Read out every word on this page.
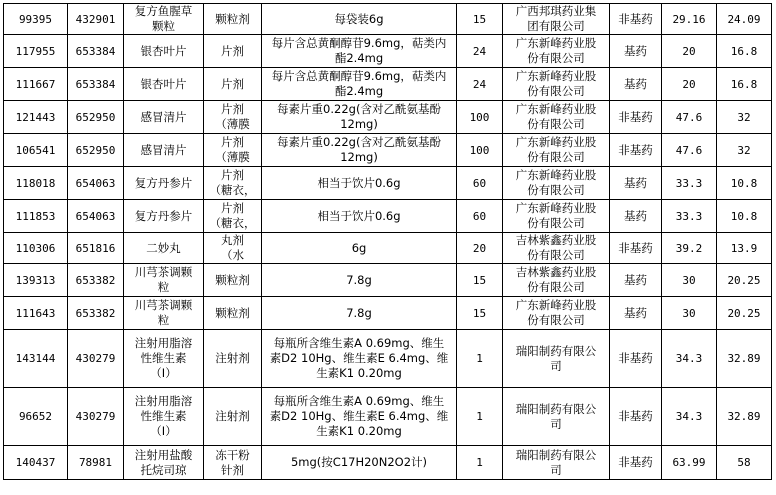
99395	432901	复方鱼腥草
颗粒	颗粒剂	每袋装6g	15	广西邦琪药业集
团有限公司	非基药	29.16	24.09
117955	653384	银杏叶片	片剂	每片含总黄酮醇苷9.6mg，萜类内
酯2.4mg	24	广东新峰药业股
份有限公司	基药	20	16.8
111667	653384	银杏叶片	片剂	每片含总黄酮醇苷9.6mg，萜类内
酯2.4mg	24	广东新峰药业股
份有限公司	基药	20	16.8
121443	652950	感冒清片	片剂
（薄膜	每素片重0.22g(含对乙酰氨基酚
12mg)	100	广东新峰药业股
份有限公司	非基药	47.6	32
106541	652950	感冒清片	片剂
（薄膜	每素片重0.22g(含对乙酰氨基酚
12mg)	100	广东新峰药业股
份有限公司	非基药	47.6	32
118018	654063	复方丹参片	片剂
（糖衣，	相当于饮片0.6g	60	广东新峰药业股
份有限公司	基药	33.3	10.8
111853	654063	复方丹参片	片剂
（糖衣，	相当于饮片0.6g	60	广东新峰药业股
份有限公司	基药	33.3	10.8
110306	651816	二妙丸	丸剂
（水	6g	20	吉林紫鑫药业股
份有限公司	非基药	39.2	13.9
139313	653382	川芎茶调颗
粒	颗粒剂	7.8g	15	吉林紫鑫药业股
份有限公司	基药	30	20.25
111643	653382	川芎茶调颗
粒	颗粒剂	7.8g	15	广东新峰药业股
份有限公司	基药	30	20.25
143144	430279	注射用脂溶
性维生素
（Ⅰ）	注射剂	每瓶所含维生素A 0.69mg、维生
素D2 10Hg、维生素E 6.4mg、维
生素K1 0.20mg	1	瑞阳制药有限公
司	非基药	34.3	32.89
96652	430279	注射用脂溶
性维生素
（Ⅰ）	注射剂	每瓶所含维生素A 0.69mg、维生
素D2 10Hg、维生素E 6.4mg、维
生素K1 0.20mg	1	瑞阳制药有限公
司	非基药	34.3	32.89
140437	78981	注射用盐酸
托烷司琼	冻干粉
针剂	5mg(按C17H20N2O2计)	1	瑞阳制药有限公
司	非基药	63.99	58
